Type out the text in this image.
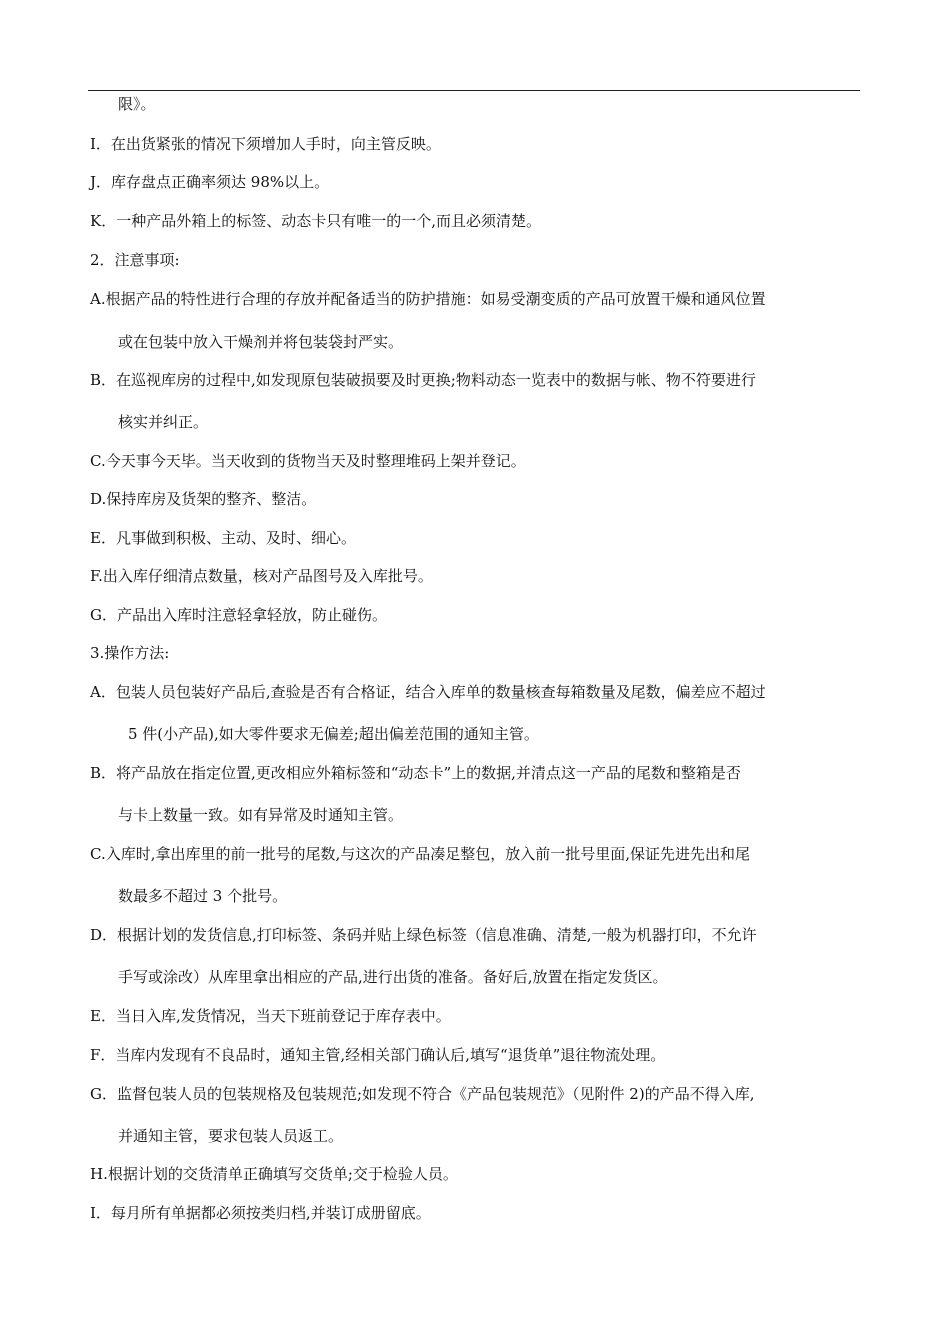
限》。
I．在出货紧张的情况下须增加人手时，向主管反映。
J．库存盘点正确率须达 98%以上。
K．一种产品外箱上的标签、动态卡只有唯一的一个,而且必须清楚。
2．注意事项:
A.根据产品的特性进行合理的存放并配备适当的防护措施：如易受潮变质的产品可放置干燥和通风位置
或在包装中放入干燥剂并将包装袋封严实。
B．在巡视库房的过程中,如发现原包装破损要及时更换;物料动态一览表中的数据与帐、物不符要进行
核实并纠正。
C.今天事今天毕。当天收到的货物当天及时整理堆码上架并登记。
D.保持库房及货架的整齐、整洁。
E．凡事做到积极、主动、及时、细心。
F.出入库仔细清点数量，核对产品图号及入库批号。
G．产品出入库时注意轻拿轻放，防止碰伤。
3.操作方法:
A．包装人员包装好产品后,查验是否有合格证，结合入库单的数量核查每箱数量及尾数，偏差应不超过
5 件(小产品),如大零件要求无偏差;超出偏差范围的通知主管。
B．将产品放在指定位置,更改相应外箱标签和“动态卡”上的数据,并清点这一产品的尾数和整箱是否
与卡上数量一致。如有异常及时通知主管。
C.入库时,拿出库里的前一批号的尾数,与这次的产品凑足整包，放入前一批号里面,保证先进先出和尾
数最多不超过 3 个批号。
D．根据计划的发货信息,打印标签、条码并贴上绿色标签（信息准确、清楚,一般为机器打印，不允许
手写或涂改）从库里拿出相应的产品,进行出货的准备。备好后,放置在指定发货区。
E．当日入库,发货情况，当天下班前登记于库存表中。
F．当库内发现有不良品时，通知主管,经相关部门确认后,填写“退货单”退往物流处理。
G．监督包装人员的包装规格及包装规范;如发现不符合《产品包装规范》（见附件 2)的产品不得入库,
并通知主管，要求包装人员返工。
H.根据计划的交货清单正确填写交货单;交于检验人员。
I．每月所有单据都必须按类归档,并装订成册留底。
